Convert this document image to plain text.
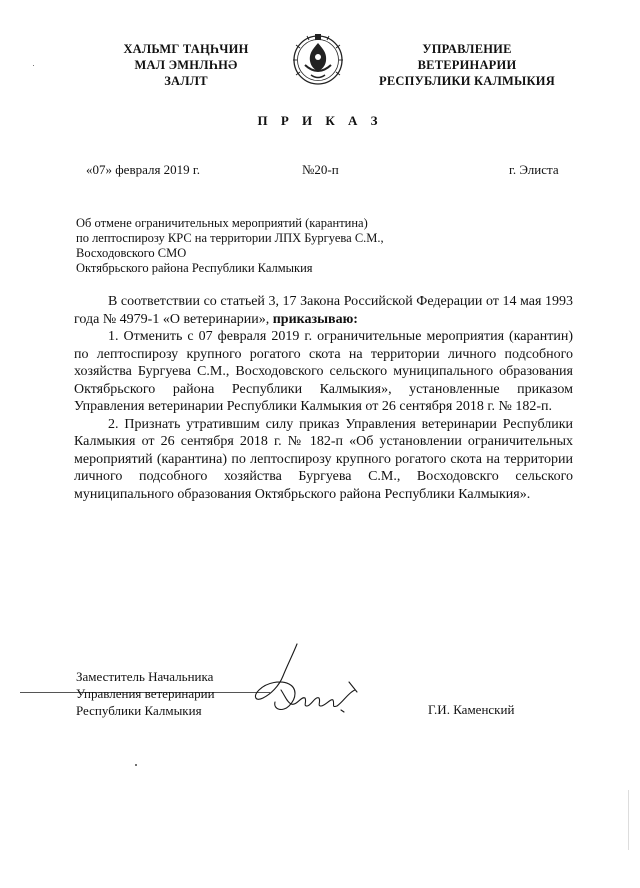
ХАЛЬМГ ТАҢҺЧИН
МАЛ ЭМНЛҺНӘ
ЗАЛЛТ
УПРАВЛЕНИЕ
ВЕТЕРИНАРИИ
РЕСПУБЛИКИ КАЛМЫКИЯ
П Р И К А З
«07» февраля 2019 г.	№20-п	г. Элиста
Об отмене ограничительных мероприятий (карантина)
по лептоспирозу КРС на территории ЛПХ Бургуева С.М.,
Восходовского СМО
Октябрьского района Республики Калмыкия

В соответствии со статьей 3, 17 Закона Российской Федерации от 14 мая 1993 года № 4979-1 «О ветеринарии», приказываю:

1. Отменить с 07 февраля 2019 г. ограничительные мероприятия (карантин) по лептоспирозу крупного рогатого скота на территории личного подсобного хозяйства Бургуева С.М., Восходовского сельского муниципального образования Октябрьского района Республики Калмыкия», установленные приказом Управления ветеринарии Республики Калмыкия от 26 сентября 2018 г. № 182-п.

2. Признать утратившим силу приказ Управления ветеринарии Республики Калмыкия от 26 сентября 2018 г. № 182-п «Об установлении ограничительных мероприятий (карантина) по лептоспирозу крупного рогатого скота на территории личного подсобного хозяйства Бургуева С.М., Восходовскго сельского муниципального образования Октябрьского района Республики Калмыкия».

Заместитель Начальника
Управления ветеринарии
Республики Калмыкия	Г.И. Каменский
